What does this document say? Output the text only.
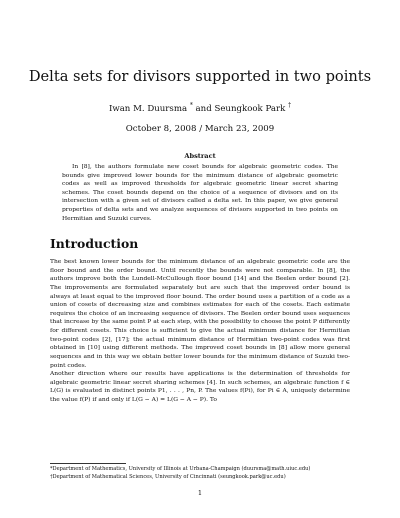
Delta sets for divisors supported in two points
Iwan M. Duursma * and Seungkook Park †
October 8, 2008 / March 23, 2009
Abstract

In [8], the authors formulate new coset bounds for algebraic geometric codes. The bounds give improved lower bounds for the minimum distance of algebraic geometric codes as well as improved thresholds for algebraic geometric linear secret sharing schemes. The coset bounds depend on the choice of a sequence of divisors and on its intersection with a given set of divisors called a delta set. In this paper, we give general properties of delta sets and we analyze sequences of divisors supported in two points on Hermitian and Suzuki curves.

Introduction

The best known lower bounds for the minimum distance of an algebraic geometric code are the floor bound and the order bound. Until recently the bounds were not comparable. In [8], the authors improve both the Lundell-McCullough floor bound [14] and the Beelen order bound [2]. The improvements are formulated separately but are such that the improved order bound is always at least equal to the improved floor bound. The order bound uses a partition of a code as a union of cosets of decreasing size and combines estimates for each of the cosets. Each estimate requires the choice of an increasing sequence of divisors. The Beelen order bound uses sequences that increase by the same point P at each step, with the possibility to choose the point P differently for different cosets. This choice is sufficient to give the actual minimum distance for Hermitian two-point codes [2], [17]; the actual minimum distance of Hermitian two-point codes was first obtained in [10] using different methods. The improved coset bounds in [8] allow more general sequences and in this way we obtain better lower bounds for the minimum distance of Suzuki two-point codes.

Another direction where our results have applications is the determination of thresholds for algebraic geometric linear secret sharing schemes [4]. In such schemes, an algebraic function f ∈ L(G) is evaluated in distinct points P1, . . . , Pn, P. The values f(Pi), for Pi ∈ A, uniquely determine the value f(P) if and only if L(G − A) = L(G − A − P). To

*Department of Mathematics, University of Illinois at Urbana-Champaign (duursma@math.uiuc.edu)
†Department of Mathematical Sciences, University of Cincinnati (seungkook.park@uc.edu)
1
